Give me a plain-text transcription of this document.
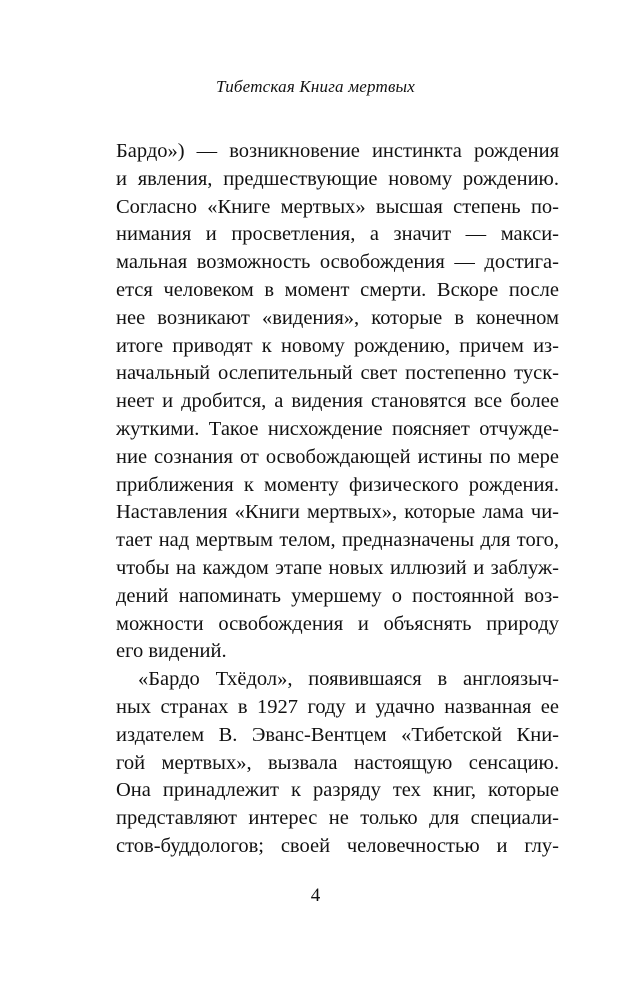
Тибетская Книга мертвых
Бардо») — возникновение инстинкта рождения
и явления, предшествующие новому рождению.
Согласно «Книге мертвых» высшая степень по-
нимания и просветления, а значит — макси-
мальная возможность освобождения — достига-
ется человеком в момент смерти. Вскоре после
нее возникают «видения», которые в конечном
итоге приводят к новому рождению, причем из-
начальный ослепительный свет постепенно туск-
неет и дробится, а видения становятся все более
жуткими. Такое нисхождение поясняет отчужде-
ние сознания от освобождающей истины по мере
приближения к моменту физического рождения.
Наставления «Книги мертвых», которые лама чи-
тает над мертвым телом, предназначены для того,
чтобы на каждом этапе новых иллюзий и заблуж-
дений напоминать умершему о постоянной воз-
можности освобождения и объяснять природу
его видений.
«Бардо Тхёдол», появившаяся в англоязыч-
ных странах в 1927 году и удачно названная ее
издателем В. Эванс-Вентцем «Тибетской Кни-
гой мертвых», вызвала настоящую сенсацию.
Она принадлежит к разряду тех книг, которые
представляют интерес не только для специали-
стов-буддологов; своей человечностью и глу-
4
